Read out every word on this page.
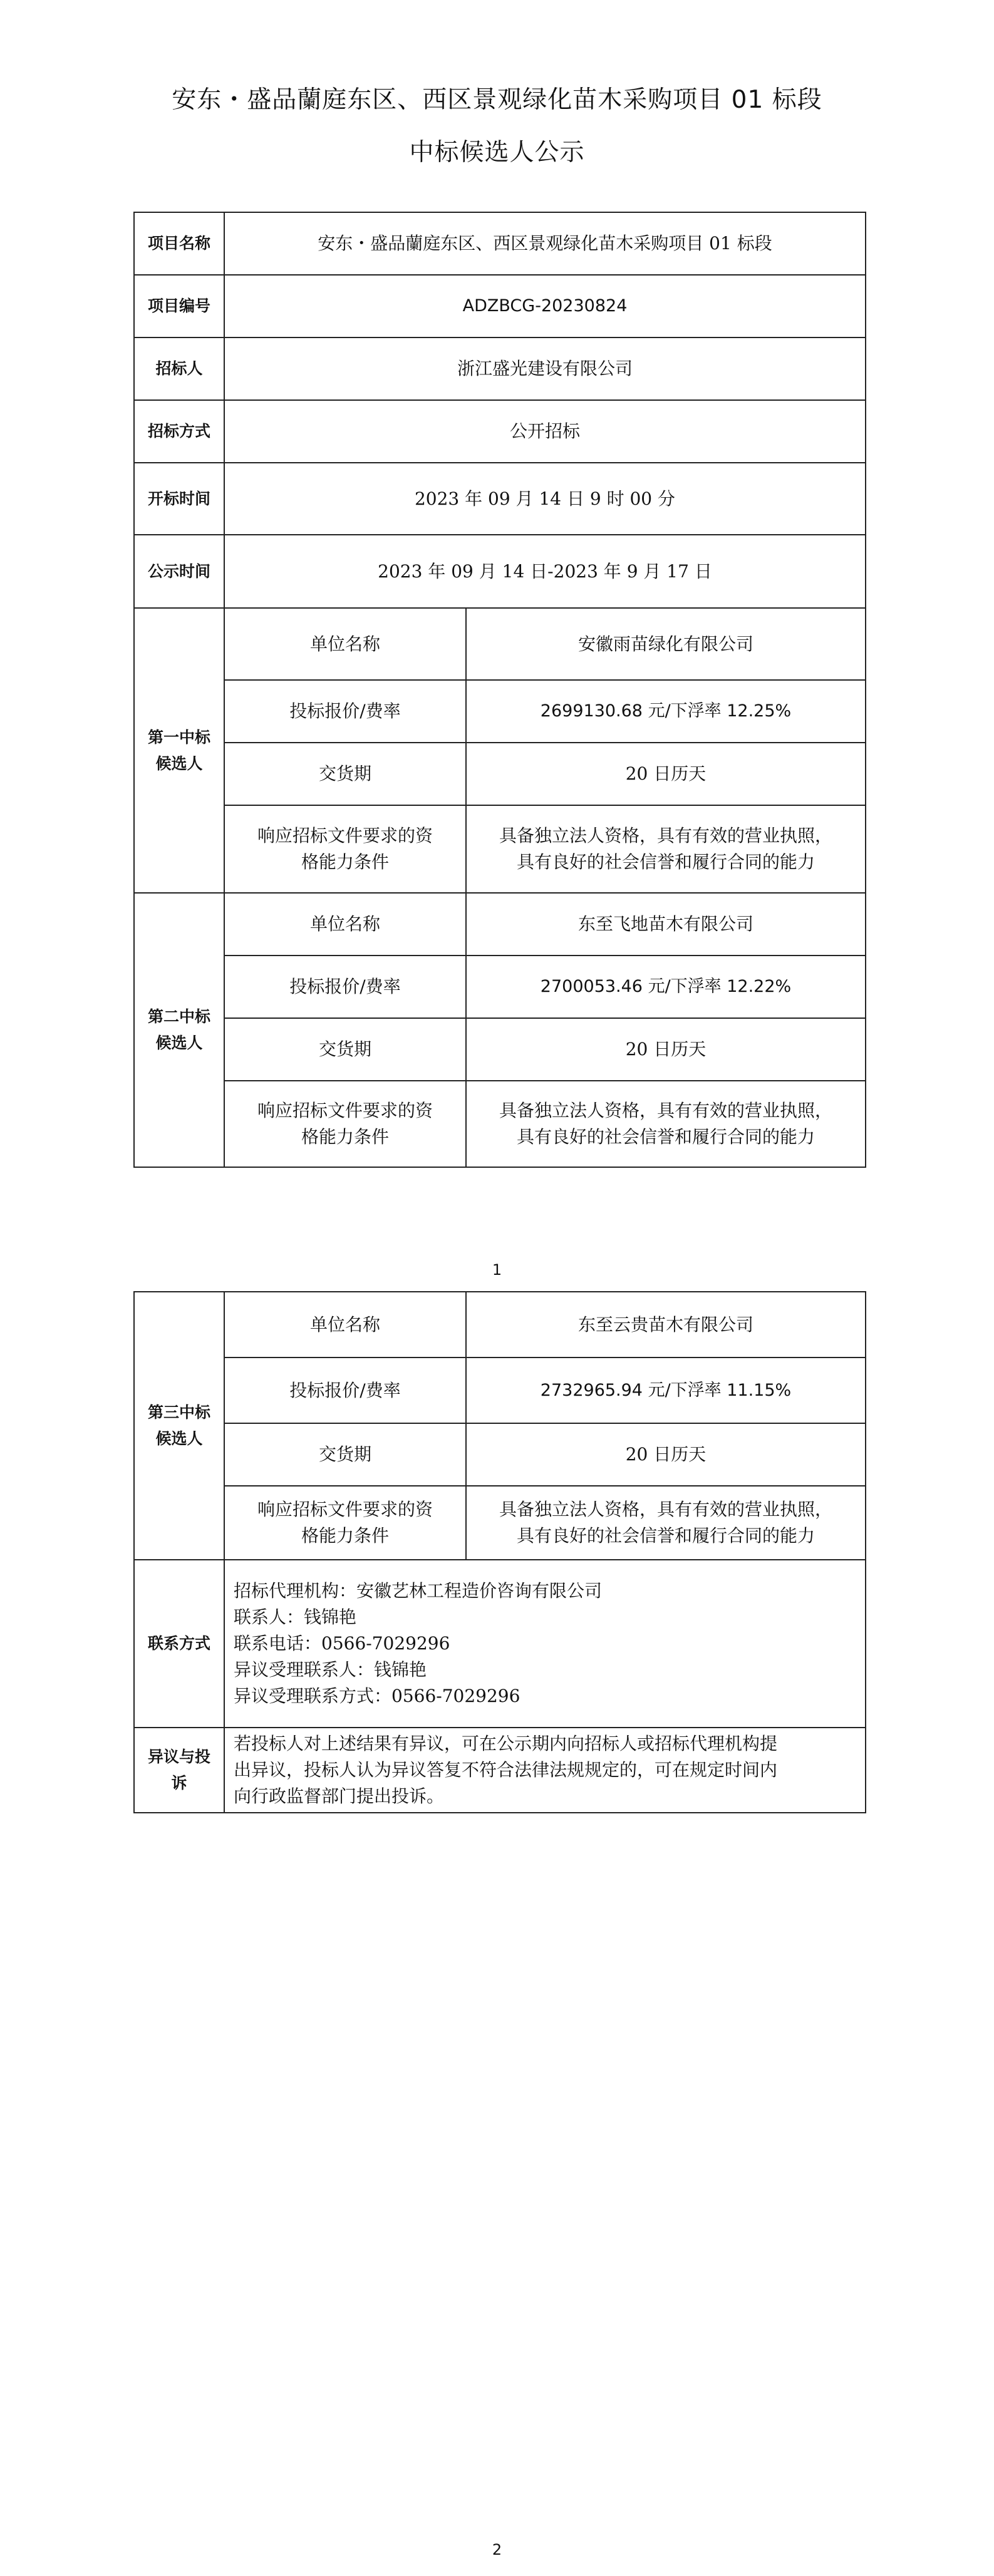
安东・盛品蘭庭东区、西区景观绿化苗木采购项目 01 标段
中标候选人公示
项目名称	安东・盛品蘭庭东区、西区景观绿化苗木采购项目 01 标段	
项目编号	ADZBCG-20230824	
招标人	浙江盛光建设有限公司	
招标方式	公开招标	
开标时间	2023 年 09 月 14 日 9 时 00 分	
公示时间	2023 年 09 月 14 日-2023 年 9 月 17 日	

第一中标
候选人	单位名称	安徽雨苗绿化有限公司
	投标报价/费率	2699130.68 元/下浮率 12.25%
	交货期	20 日历天

	响应招标文件要求的资
格能力条件	具备独立法人资格，具有有效的营业执照，
具有良好的社会信誉和履行合同的能力

第二中标
候选人	单位名称	东至飞地苗木有限公司
	投标报价/费率	2700053.46 元/下浮率 12.22%
	交货期	20 日历天

	响应招标文件要求的资
格能力条件	具备独立法人资格，具有有效的营业执照，
具有良好的社会信誉和履行合同的能力
1
第三中标
候选人	单位名称	东至云贵苗木有限公司
	投标报价/费率	2732965.94 元/下浮率 11.15%
	交货期	20 日历天

	响应招标文件要求的资
格能力条件	具备独立法人资格，具有有效的营业执照，
具有良好的社会信誉和履行合同的能力

联系方式	招标代理机构：安徽艺林工程造价咨询有限公司
联系人：钱锦艳
联系电话：0566-7029296
异议受理联系人：钱锦艳
异议受理联系方式：0566-7029296	

异议与投
诉	若投标人对上述结果有异议，可在公示期内向招标人或招标代理机构提
出异议，投标人认为异议答复不符合法律法规规定的，可在规定时间内
向行政监督部门提出投诉。	
2
